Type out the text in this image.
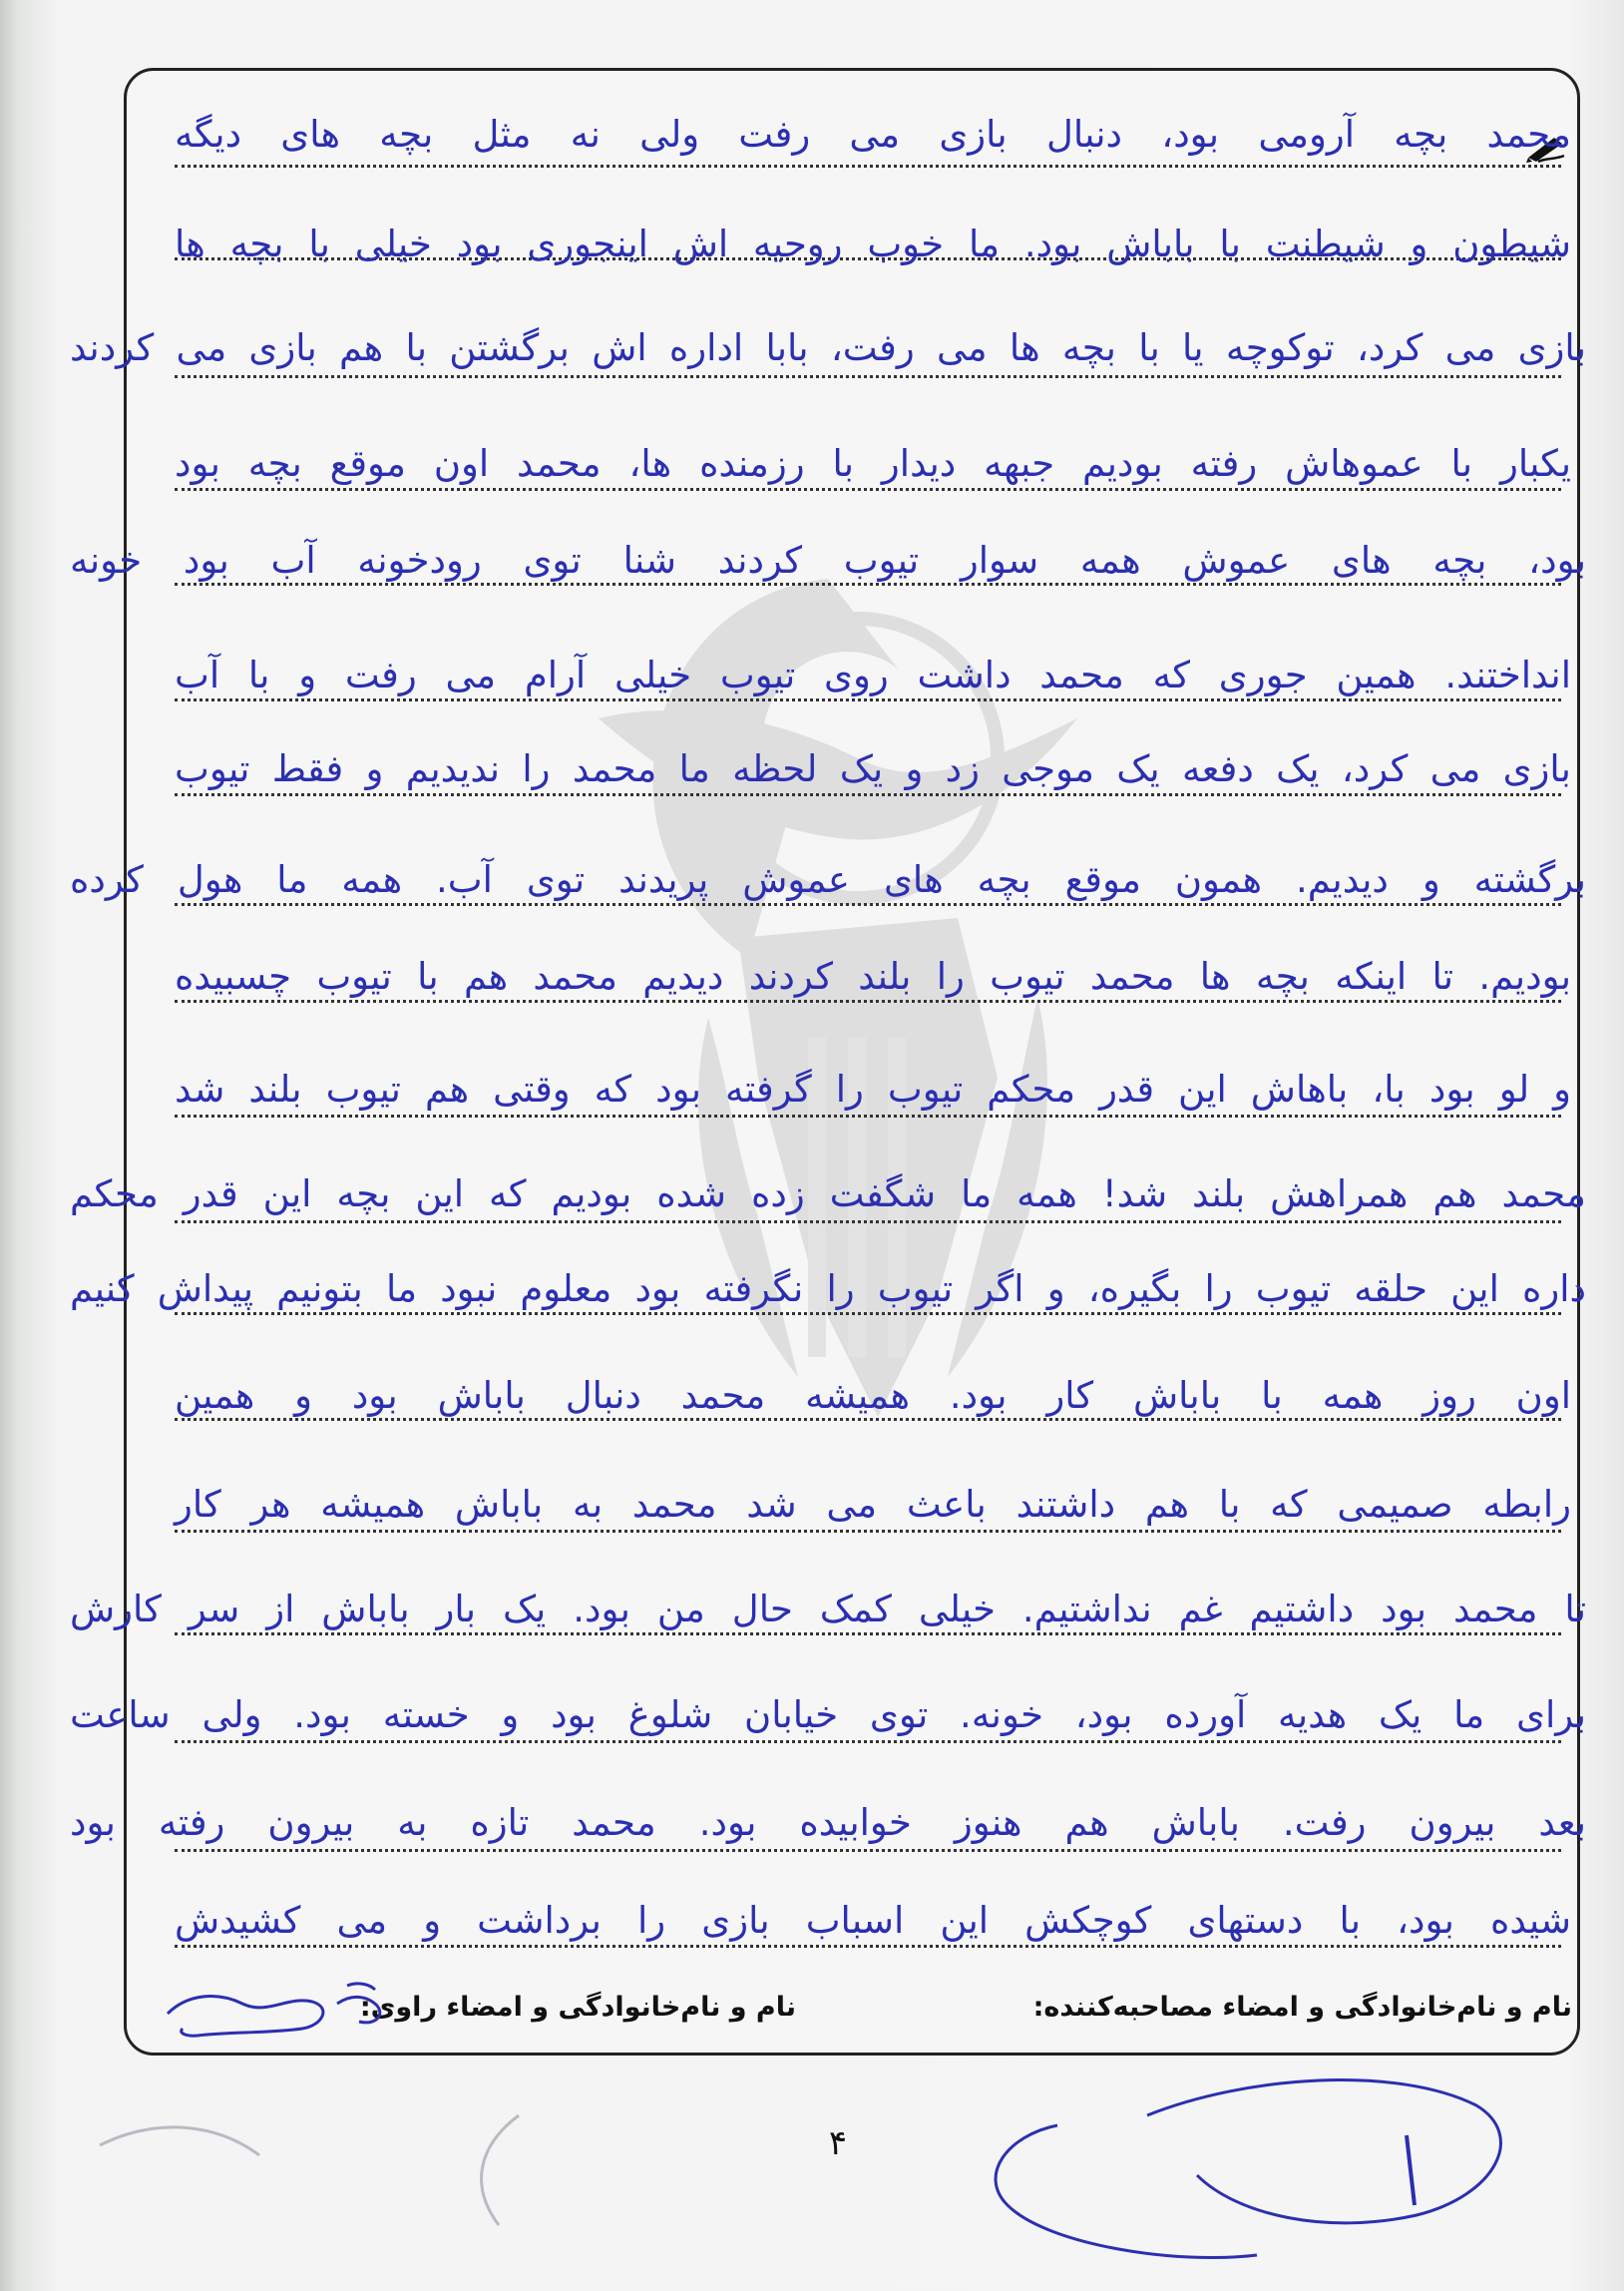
محمد بچه آرومی بود، دنبال بازی می رفت ولی نه مثل بچه های دیگه
شیطون و شیطنت با باباش بود. ما خوب روحیه اش اینجوری بود خیلی با بچه ها
بازی می کرد، توکوچه یا با بچه ها می رفت، بابا اداره اش برگشتن با هم بازی می کردند
یکبار با عموهاش رفته بودیم جبهه دیدار با رزمنده ها، محمد اون موقع بچه بود
بود، بچه های عموش همه سوار تیوب کردند شنا توی رودخونه آب بود خونه
انداختند. همین جوری که محمد داشت روی تیوب خیلی آرام می رفت و با آب
بازی می کرد، یک دفعه یک موجی زد و یک لحظه ما محمد را ندیدیم و فقط تیوب
برگشته و دیدیم. همون موقع بچه های عموش پریدند توی آب. همه ما هول کرده
بودیم. تا اینکه بچه ها محمد تیوب را بلند کردند دیدیم محمد هم با تیوب چسبیده
و لو بود با، باهاش این قدر محکم تیوب را گرفته بود که وقتی هم تیوب بلند شد
محمد هم همراهش بلند شد! همه ما شگفت زده شده بودیم که این بچه این قدر محکم
داره این حلقه تیوب را بگیره، و اگر تیوب را نگرفته بود معلوم نبود ما بتونیم پیداش کنیم
اون روز همه با باباش کار بود. همیشه محمد دنبال باباش بود و همین
رابطه صمیمی که با هم داشتند باعث می شد محمد به باباش همیشه هر کار
تا محمد بود داشتیم غم نداشتیم. خیلی کمک حال من بود. یک بار باباش از سر کارش
برای ما یک هدیه آورده بود، خونه. توی خیابان شلوغ بود و خسته بود. ولی ساعت
بعد بیرون رفت. باباش هم هنوز خوابیده بود. محمد تازه به بیرون رفته بود
شیده بود، با دستهای کوچکش این اسباب بازی را برداشت و می کشیدش
نام و نام‌خانوادگی و امضاء مصاحبه‌کننده:
نام و نام‌خانوادگی و امضاء راوی:
۴
